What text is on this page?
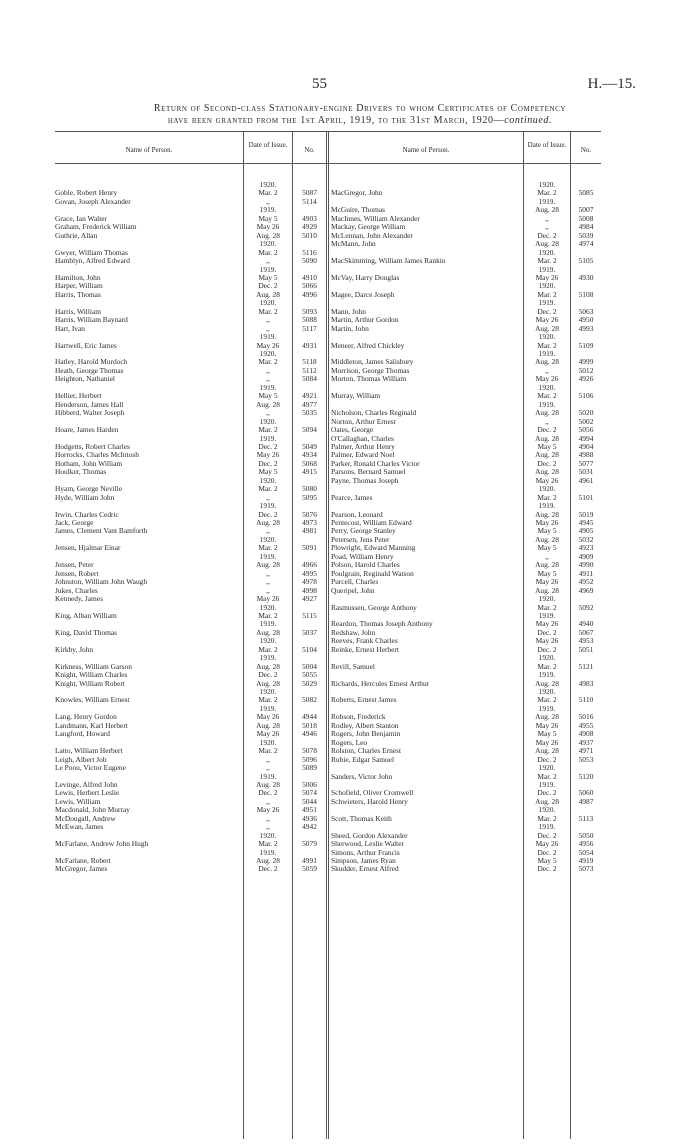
55	H.—15.
Return of Second-class Stationary-engine Drivers to whom Certificates of Competency
have been granted from the 1st April, 1919, to the 31st March, 1920—continued.
Name of Person.
Date of Issue.
No.	Name of Person.
Date of Issue.
No.
1920.
Goble, Robert Henry	Mar. 2	5087
Govan, Joseph Alexander	,,	5114
1919.
Grace, Ian Walter	May 5	4903
Graham, Frederick William	May 26	4929
Guthrie, Allan	Aug. 28	5010
1920.
Gwyer, William Thomas	Mar. 2	5116
Hamblyn, Alfred Edward	,,	5090
1919.
Hamilton, John	May 5	4910
Harper, William	Dec. 2	5066
Harris, Thomas	Aug. 28	4996
1920.
Harris, William	Mar. 2	5093
Harris, William Baynard	,,	5088
Hart, Ivan	,,	5117
1919.
Hartwell, Eric James	May 26	4931
1920.
Hatley, Harold Murdoch	Mar. 2	5118
Heath, George Thomas	,,	5112
Heighton, Nathaniel	,,	5084
1919.
Hellier, Herbert	May 5	4921
Henderson, James Hall	Aug. 28	4977
Hibberd, Walter Joseph	,,	5035
1920.
Hoare, James Harden	Mar. 2	5094
1919.
Hodgetts, Robert Charles	Dec. 2	5049
Horrocks, Charles McIntosh	May 26	4934
Hotham, John William	Dec. 2	5068
Houlker, Thomas	May 5	4915
1920.
Hyam, George Neville	Mar. 2	5080
Hyde, William John	,,	5095
1919.
Irwin, Charles Cedric	Dec. 2	5076
Jack, George	Aug. 28	4973
James, Clement Vant Bamforth	,,	4981
1920.
Jensen, Hjalmar Einar	Mar. 2	5091
1919.
Jensen, Peter	Aug. 28	4966
Jensen, Robert	,,	4995
Johnston, William John Waugh	,,	4978
Jukes, Charles	,,	4998
Kennedy, James	May 26	4927
1920.
King, Alban William	Mar. 2	5115
1919.
King, David Thomas	Aug. 28	5037
1920.
Kirkby, John	Mar. 2	5104
1919.
Kirkness, William Garson	Aug. 28	5004
Knight, William Charles	Dec. 2	5055
Knight, William Robert	Aug. 28	5029
1920.
Knowles, William Ernest	Mar. 2	5082
1919.
Lang, Henry Gordon	May 26	4944
Landmann, Karl Herbert	Aug. 28	5018
Langford, Howard	May 26	4946
1920.
Latto, William Herbert	Mar. 2	5078
Leigh, Albert Job	,,	5096
Le Poou, Victor Eugene	,,	5089
1919.
Levinge, Alfred John	Aug. 28	5006
Lewis, Herbert Leslie	Dec. 2	5074
Lewis, William	,,	5044
Macdonald, John Murray	May 26	4951
McDougall, Andrew	,,	4936
McEwan, James	,,	4942
1920.
McFarlane, Andrew John Hugh	Mar. 2	5079
1919.
McFarlane, Robert	Aug. 28	4991
McGregor, James	Dec. 2	5059
1920.
MacGregor, John	Mar. 2	5085
1919.
McGuire, Thomas	Aug. 28	5007
MacInnes, William Alexander	,,	5008
Mackay, George William	,,	4984
McLennan, John Alexander	Dec. 2	5039
McMann, John	Aug. 28	4974
1920.
MacSkimming, William James Rankin	Mar. 2	5105
1919.
McVay, Harry Douglas	May 26	4930
1920.
Magee, Darce Joseph	Mar. 2	5108
1919.
Mann, John	Dec. 2	5063
Martin, Arthur Gordon	May 26	4950
Martin, John	Aug. 28	4993
1920.
Meneer, Alfred Chickley	Mar. 2	5109
1919.
Middleton, James Salisbury	Aug. 28	4999
Morrison, George Thomas	,,	5012
Morton, Thomas William	May 26	4926
1920.
Murray, William	Mar. 2	5106
1919.
Nicholson, Charles Reginald	Aug. 28	5020
Norton, Arthur Ernest	,,	5002
Oates, George	Dec. 2	5056
O'Callaghan, Charles	Aug. 28	4994
Palmer, Arthur Henry	May 5	4904
Palmer, Edward Noel	Aug. 28	4988
Parker, Ronald Charles Victor	Dec. 2	5077
Parsons, Bernard Samuel	Aug. 28	5031
Payne, Thomas Joseph	May 26	4961
1920.
Pearce, James	Mar. 2	5101
1919.
Pearson, Leonard	Aug. 28	5019
Pentecost, William Edward	May 26	4945
Perry, George Stanley	May 5	4905
Petersen, Jens Peter	Aug. 28	5032
Plowright, Edward Manning	May 5	4923
Poad, William Henry	,,	4909
Polson, Harold Charles	Aug. 28	4990
Poulgrain, Reginald Watson	May 5	4911
Purcell, Charles	May 26	4952
Queripel, John	Aug. 28	4969
1920.
Rasmussen, George Anthony	Mar. 2	5092
1919.
Reardon, Thomas Joseph Anthony	May 26	4940
Redshaw, John	Dec. 2	5067
Reeves, Frank Charles	May 26	4953
Reinke, Ernest Herbert	Dec. 2	5051
1920.
Revill, Samuel	Mar. 2	5121
1919.
Richards, Hercules Ernest Arthur	Aug. 28	4983
1920.
Roberts, Ernest James	Mar. 2	5110
1919.
Robson, Frederick	Aug. 28	5016
Rodley, Albert Stanton	May 26	4955
Rogers, John Benjamin	May 5	4908
Rogers, Leo	May 26	4937
Rolston, Charles Ernest	Aug. 28	4971
Rubie, Edgar Samuel	Dec. 2	5053
1920.
Sanders, Victor John	Mar. 2	5120
1919.
Schofield, Oliver Cromwell	Dec. 2	5060
Schwieters, Harold Henry	Aug. 28	4987
1920.
Scott, Thomas Keith	Mar. 2	5113
1919.
Sheed, Gordon Alexander	Dec. 2	5050
Sherwood, Leslie Walter	May 26	4956
Simons, Arthur Francis	Dec. 2	5054
Simpson, James Ryan	May 5	4919
Skudder, Ernest Alfred	Dec. 2	5073
